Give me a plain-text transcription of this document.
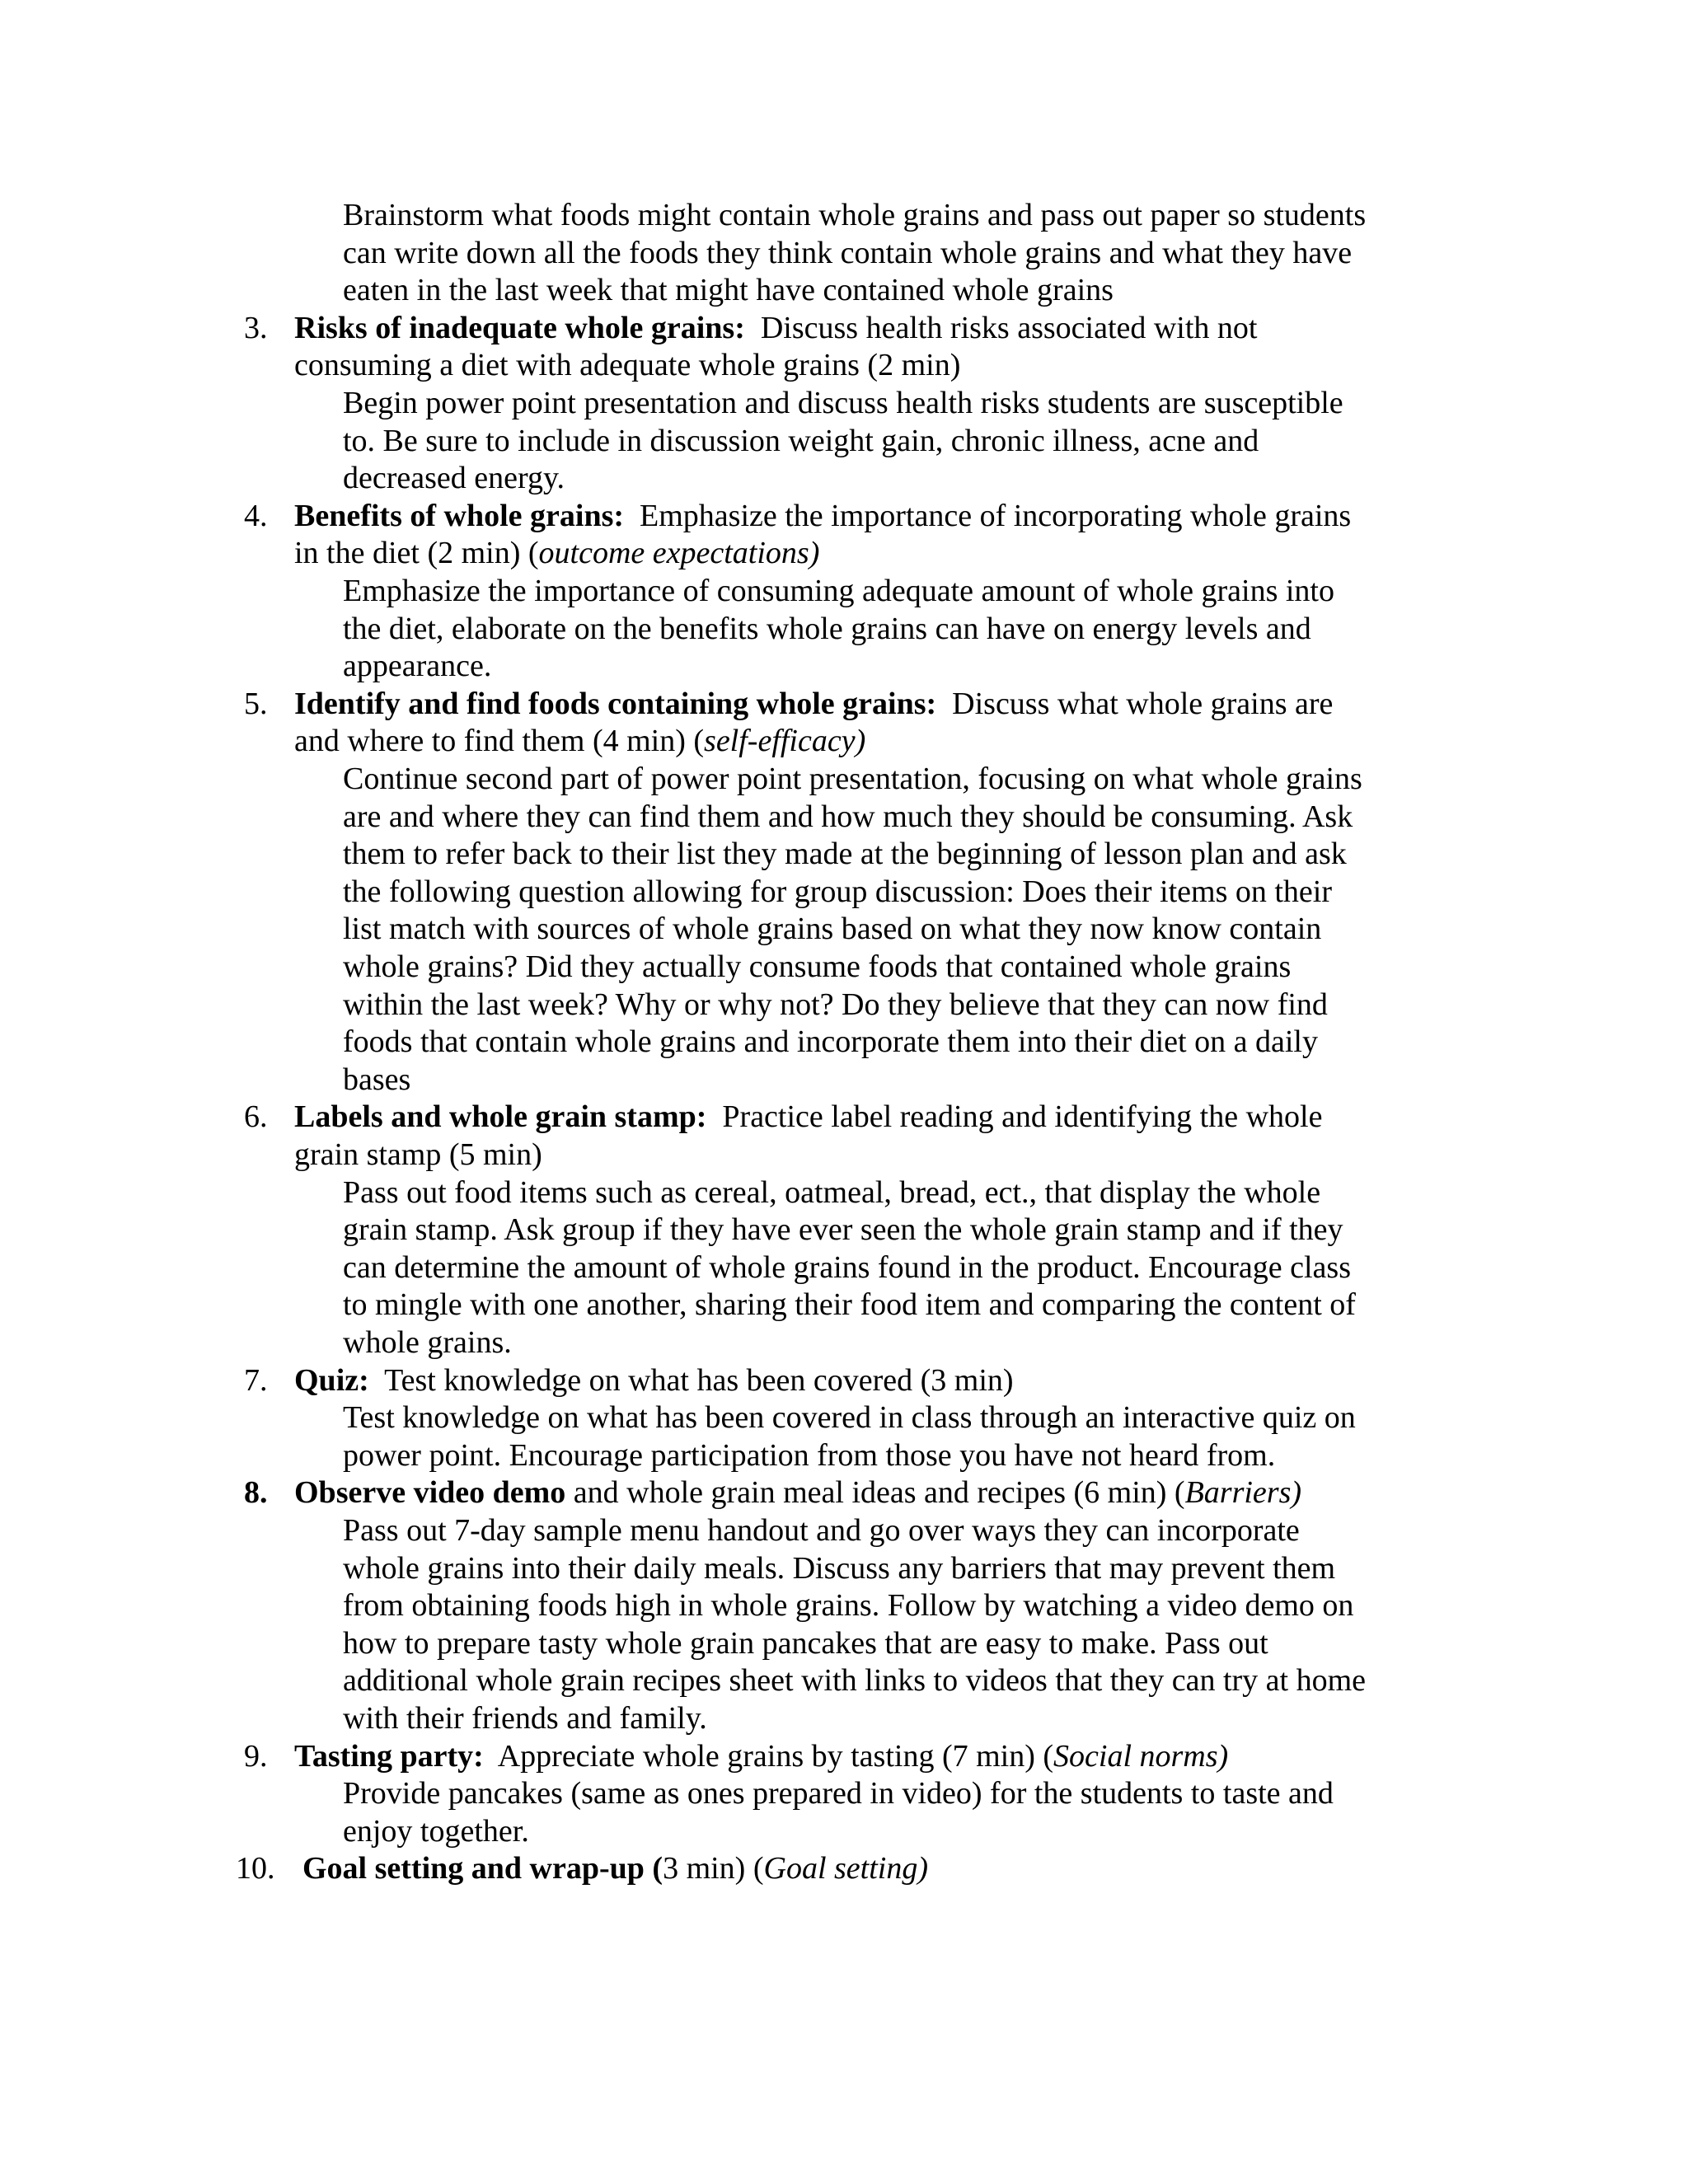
Brainstorm what foods might contain whole grains and pass out paper so students
can write down all the foods they think contain whole grains and what they have
eaten in the last week that might have contained whole grains
3. Risks of inadequate whole grains:  Discuss health risks associated with not
consuming a diet with adequate whole grains (2 min)
Begin power point presentation and discuss health risks students are susceptible
to. Be sure to include in discussion weight gain, chronic illness, acne and
decreased energy.
4. Benefits of whole grains:  Emphasize the importance of incorporating whole grains
in the diet (2 min) (outcome expectations)
Emphasize the importance of consuming adequate amount of whole grains into
the diet, elaborate on the benefits whole grains can have on energy levels and
appearance.
5. Identify and find foods containing whole grains:  Discuss what whole grains are
and where to find them (4 min) (self-efficacy)
Continue second part of power point presentation, focusing on what whole grains
are and where they can find them and how much they should be consuming. Ask
them to refer back to their list they made at the beginning of lesson plan and ask
the following question allowing for group discussion: Does their items on their
list match with sources of whole grains based on what they now know contain
whole grains? Did they actually consume foods that contained whole grains
within the last week? Why or why not? Do they believe that they can now find
foods that contain whole grains and incorporate them into their diet on a daily
bases
6. Labels and whole grain stamp:  Practice label reading and identifying the whole
grain stamp (5 min)
Pass out food items such as cereal, oatmeal, bread, ect., that display the whole
grain stamp. Ask group if they have ever seen the whole grain stamp and if they
can determine the amount of whole grains found in the product. Encourage class
to mingle with one another, sharing their food item and comparing the content of
whole grains.
7. Quiz:  Test knowledge on what has been covered (3 min)
Test knowledge on what has been covered in class through an interactive quiz on
power point. Encourage participation from those you have not heard from.
8. Observe video demo and whole grain meal ideas and recipes (6 min) (Barriers)
Pass out 7-day sample menu handout and go over ways they can incorporate
whole grains into their daily meals. Discuss any barriers that may prevent them
from obtaining foods high in whole grains. Follow by watching a video demo on
how to prepare tasty whole grain pancakes that are easy to make. Pass out
additional whole grain recipes sheet with links to videos that they can try at home
with their friends and family.
9. Tasting party:  Appreciate whole grains by tasting (7 min) (Social norms)
Provide pancakes (same as ones prepared in video) for the students to taste and
enjoy together.
10. Goal setting and wrap-up (3 min) (Goal setting)
